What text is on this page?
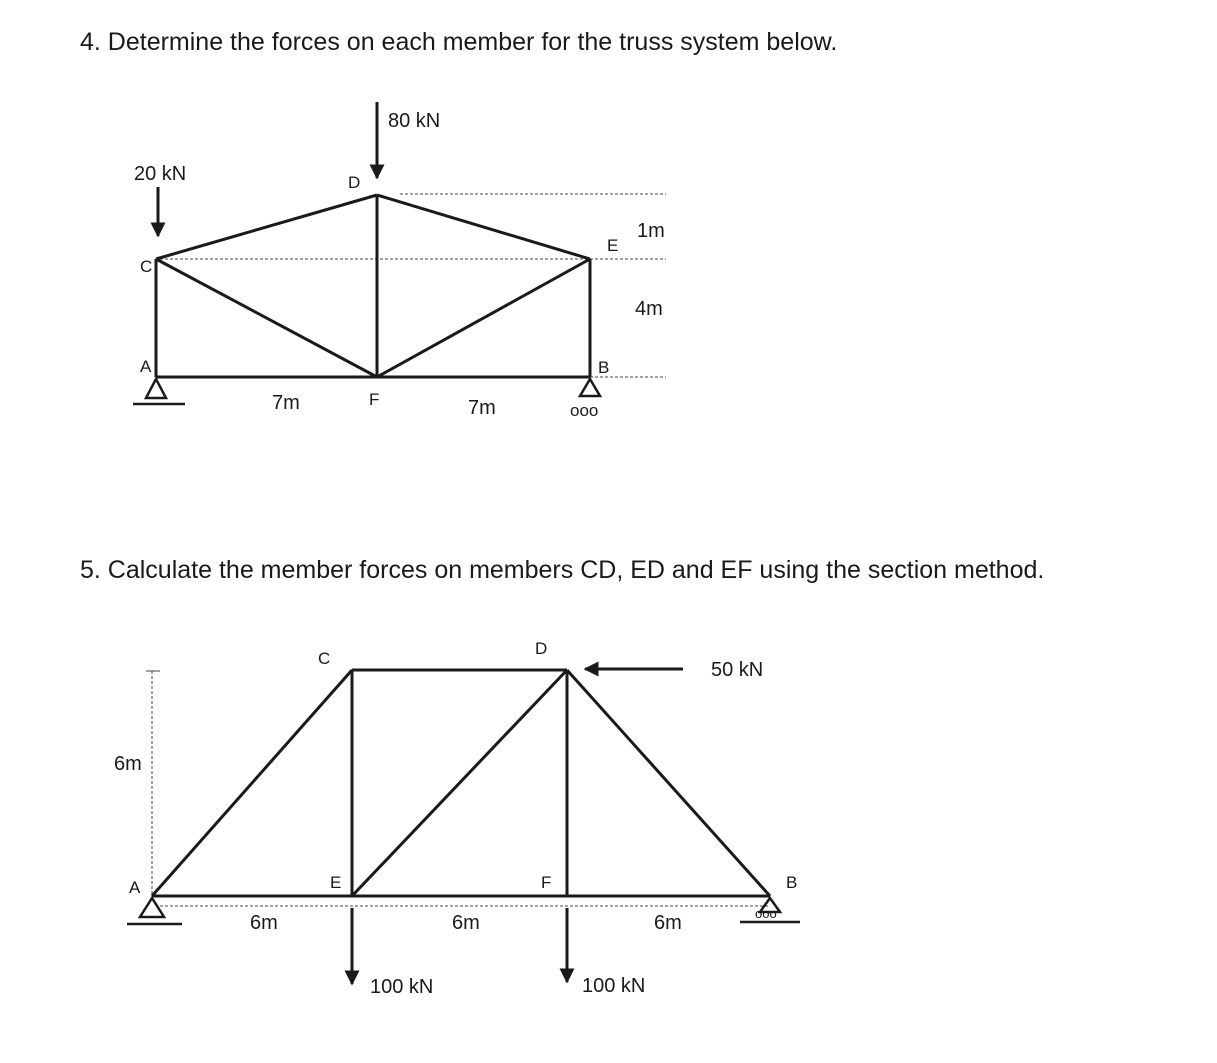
4. Determine the forces on each member for the truss system below.
5. Calculate the member forces on members CD, ED and EF using the section method.
ooo
80 kN
20 kN
C
D
E
A	B
F
7m	7m
1m
4m
ooo
50 kN
100 kN	100 kN
C
D
E	F
A	B
6m
6m	6m	6m
